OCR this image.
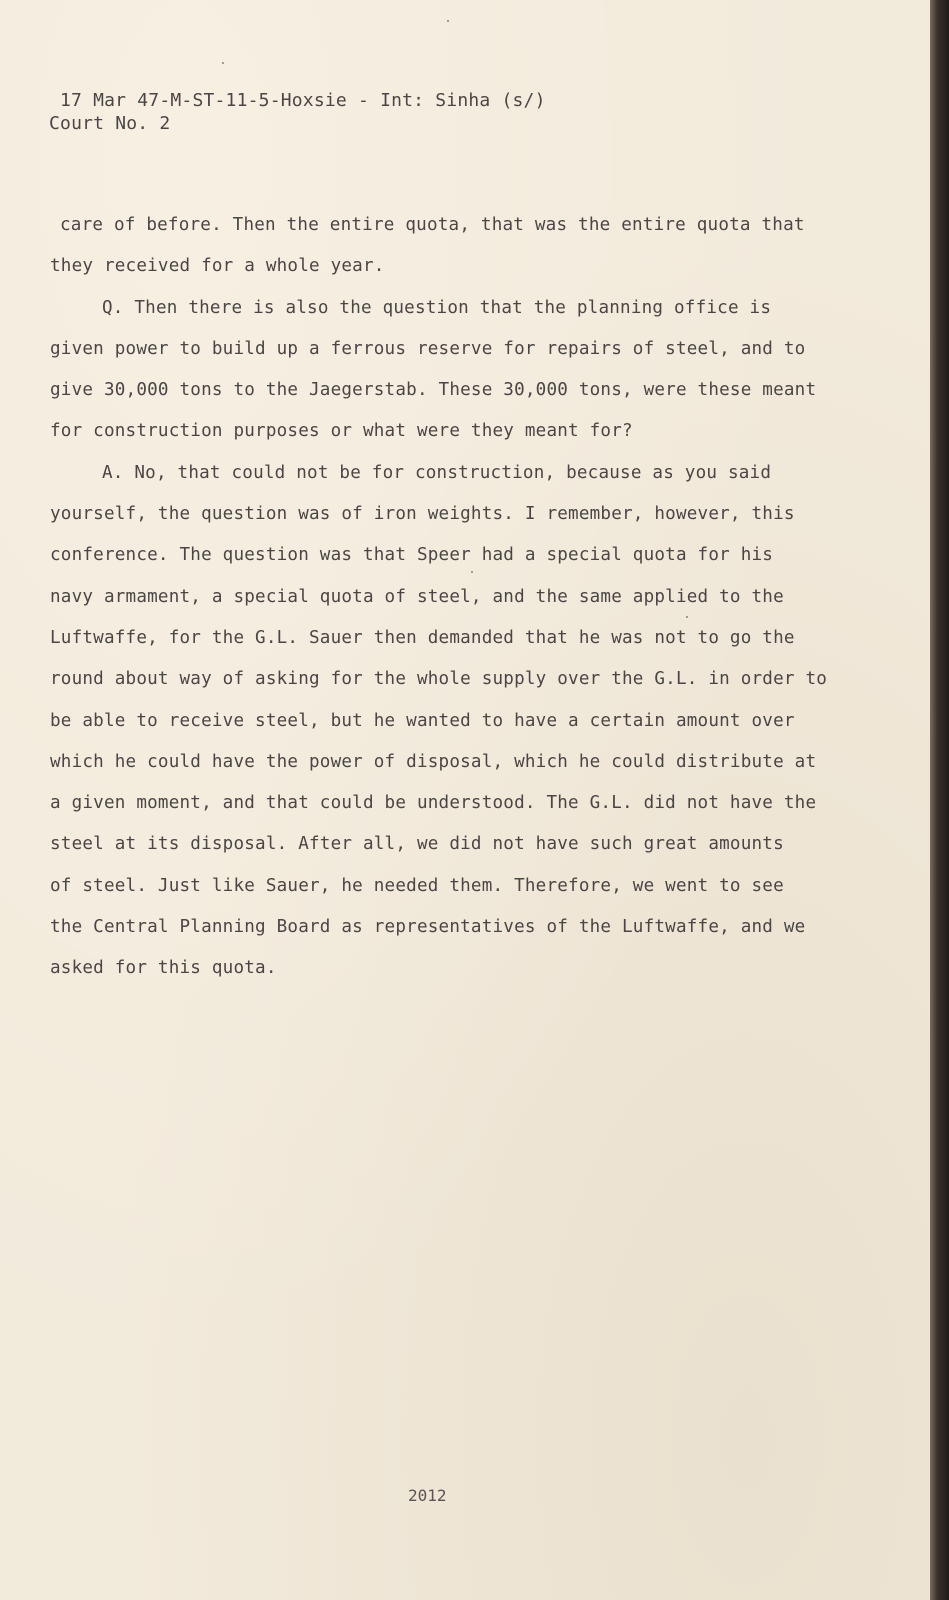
17 Mar 47-M-ST-11-5-Hoxsie - Int: Sinha (s/)
Court No. 2
care of before. Then the entire quota, that was the entire quota that
they received for a whole year.
Q. Then there is also the question that the planning office is
given power to build up a ferrous reserve for repairs of steel, and to
give 30,000 tons to the Jaegerstab. These 30,000 tons, were these meant
for construction purposes or what were they meant for?
A. No, that could not be for construction, because as you said
yourself, the question was of iron weights. I remember, however, this
conference. The question was that Speer had a special quota for his
navy armament, a special quota of steel, and the same applied to the
Luftwaffe, for the G.L. Sauer then demanded that he was not to go the
round about way of asking for the whole supply over the G.L. in order to
be able to receive steel, but he wanted to have a certain amount over
which he could have the power of disposal, which he could distribute at
a given moment, and that could be understood. The G.L. did not have the
steel at its disposal. After all, we did not have such great amounts
of steel. Just like Sauer, he needed them. Therefore, we went to see
the Central Planning Board as representatives of the Luftwaffe, and we
asked for this quota.
2012
